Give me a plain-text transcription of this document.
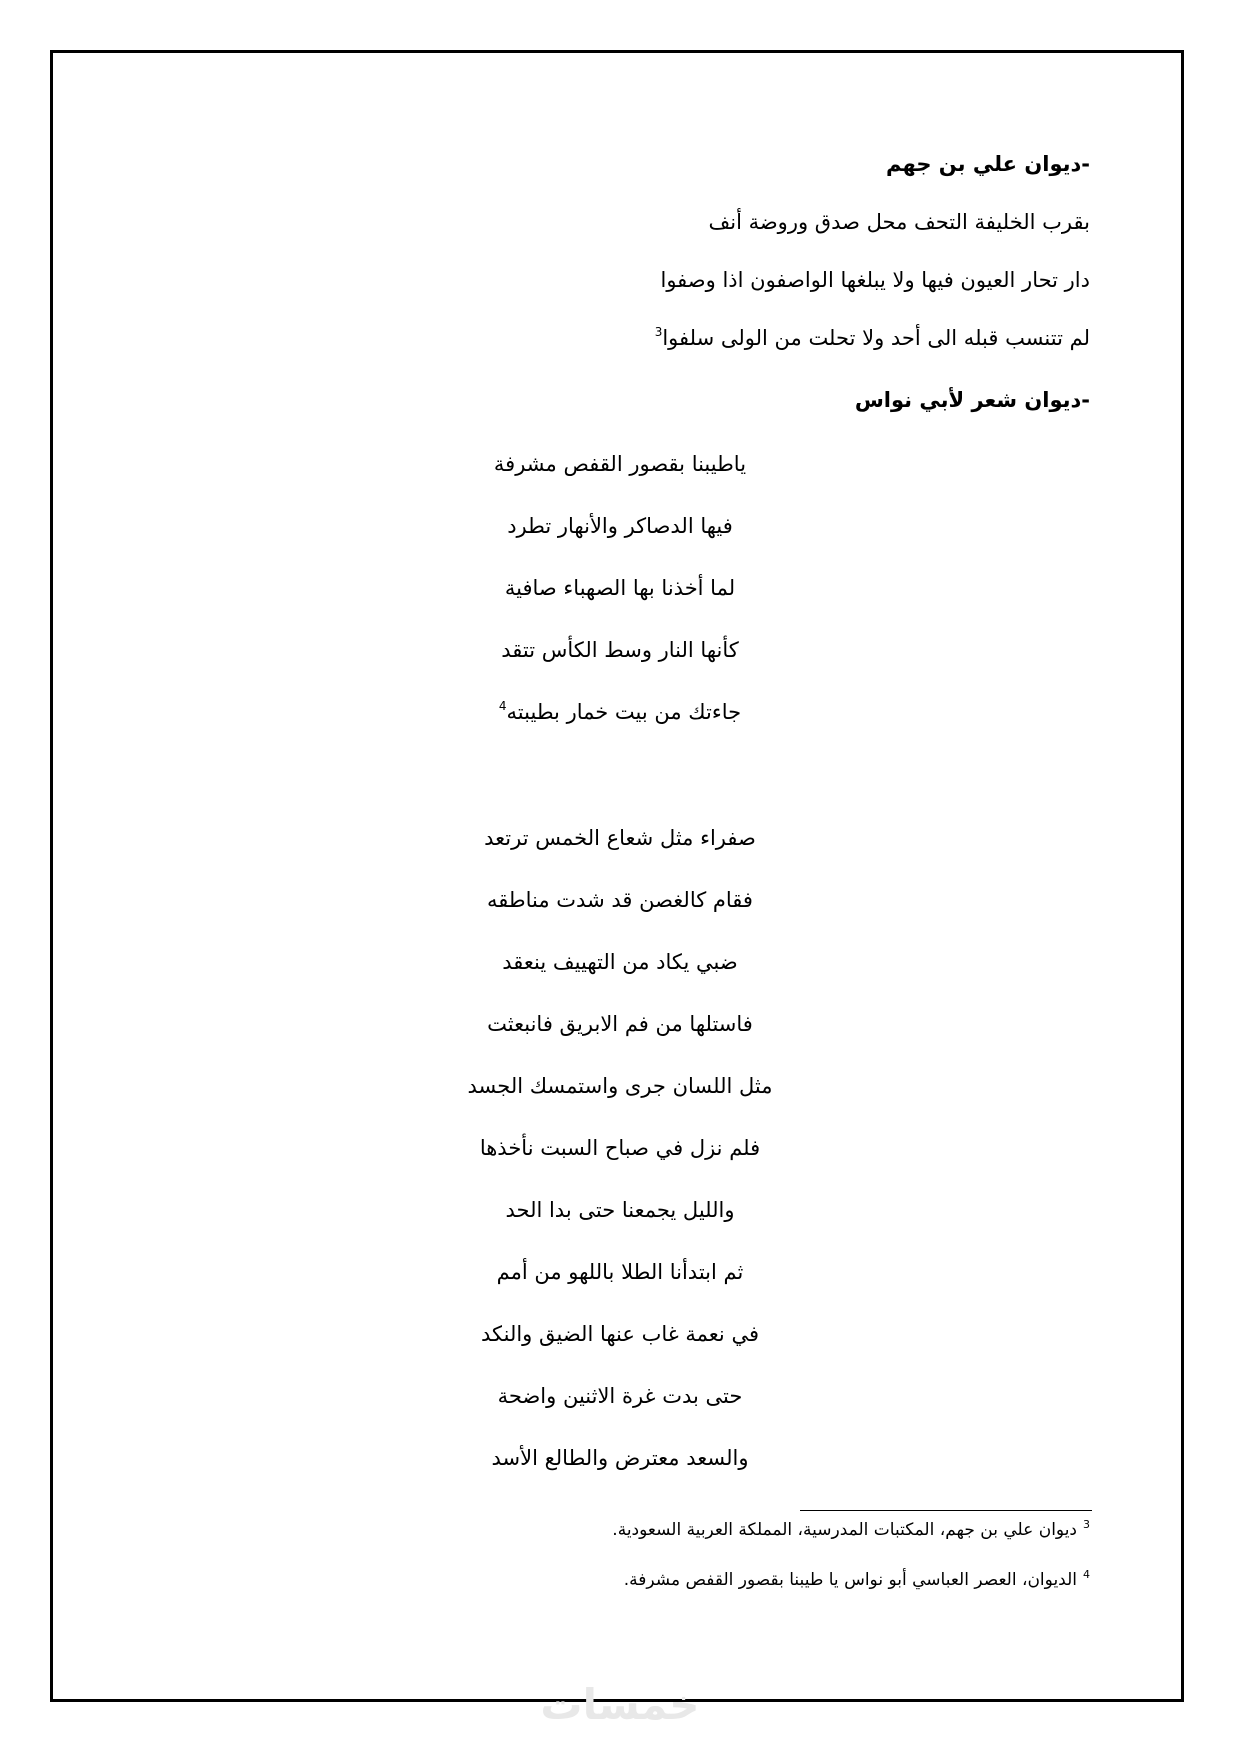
-ديوان علي بن جهم
بقرب الخليفة التحف محل صدق وروضة أنف
دار تحار العيون فيها ولا يبلغها الواصفون اذا وصفوا
لم تتنسب قبله الى أحد ولا تحلت من الولى سلفوا$^3$
-ديوان شعر لأبي نواس
ياطيبنا بقصور القفص مشرفة
فيها الدصاكر والأنهار تطرد
لما أخذنا بها الصهباء صافية
كأنها النار وسط الكأس تتقد
جاءتك من بيت خمار بطيبته$^4$
صفراء مثل شعاع الخمس ترتعد
فقام كالغصن قد شدت مناطقه
ضبي يكاد من التهييف ينعقد
فاستلها من فم الابريق فانبعثت
مثل اللسان جرى واستمسك الجسد
فلم نزل في صباح السبت نأخذها
والليل يجمعنا حتى بدا الحد
ثم ابتدأنا الطلا باللهو من أمم
في نعمة غاب عنها الضيق والنكد
حتى بدت غرة الاثنين واضحة
والسعد معترض والطالع الأسد
$^3$ديوان علي بن جهم، المكتبات المدرسية، المملكة العربية السعودية.
$^4$الديوان، العصر العباسي أبو نواس يا طيبنا بقصور القفص مشرفة.
خمسات
